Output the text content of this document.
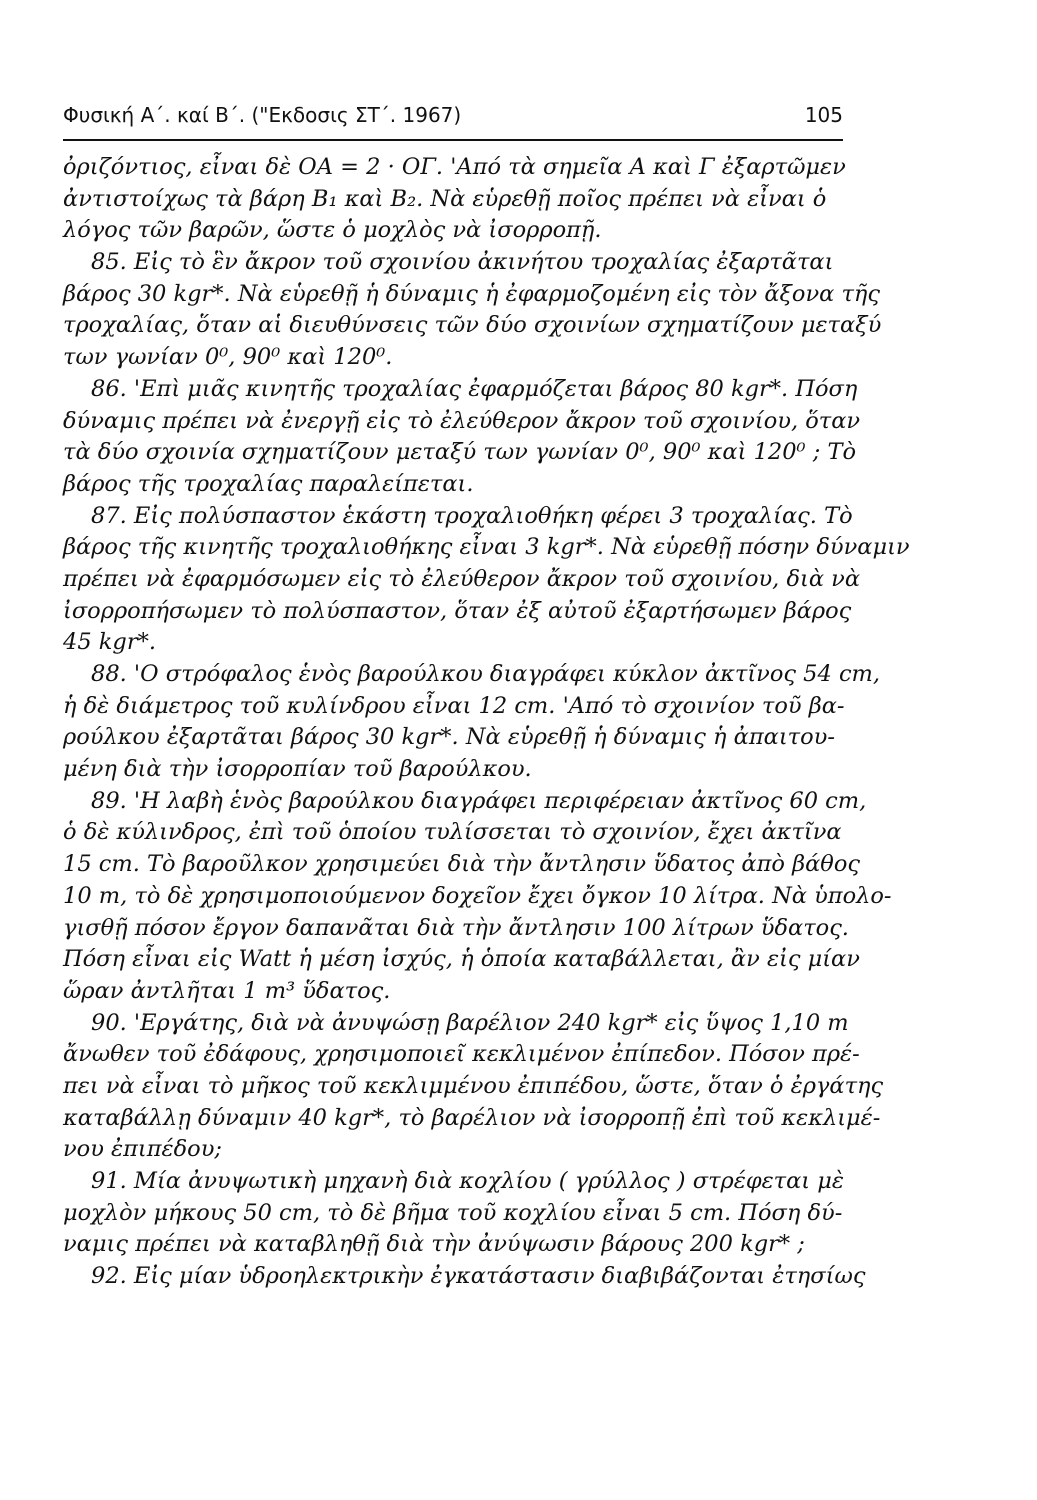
Φυσική Α΄. καί Β΄. ("Εκδοσις ΣΤ΄. 1967)	105
ὀριζόντιος, εἶναι δὲ ΟΑ = 2 · ΟΓ. 'Από τὰ σημεῖα Α καὶ Γ ἐξαρτῶμεν
ἀντιστοίχως τὰ βάρη Β₁ καὶ Β₂. Νὰ εὑρεθῇ ποῖος πρέπει νὰ εἶναι ὁ
λόγος τῶν βαρῶν, ὥστε ὁ μοχλὸς νὰ ἰσορροπῇ.
85. Εἰς τὸ ἓν ἄκρον τοῦ σχοινίου ἀκινήτου τροχαλίας ἐξαρτᾶται
βάρος 30 kgr*. Νὰ εὑρεθῇ ἡ δύναμις ἡ ἐφαρμοζομένη εἰς τὸν ἄξονα τῆς
τροχαλίας, ὅταν αἱ διευθύνσεις τῶν δύο σχοινίων σχηματίζουν μεταξύ
των γωνίαν 0⁰, 90⁰ καὶ 120⁰.
86. 'Επὶ μιᾶς κινητῆς τροχαλίας ἐφαρμόζεται βάρος 80 kgr*. Πόση
δύναμις πρέπει νὰ ἐνεργῇ εἰς τὸ ἐλεύθερον ἄκρον τοῦ σχοινίου, ὅταν
τὰ δύο σχοινία σχηματίζουν μεταξύ των γωνίαν 0⁰, 90⁰ καὶ 120⁰ ; Τὸ
βάρος τῆς τροχαλίας παραλείπεται.
87. Εἰς πολύσπαστον ἑκάστη τροχαλιοθήκη φέρει 3 τροχαλίας. Τὸ
βάρος τῆς κινητῆς τροχαλιοθήκης εἶναι 3 kgr*. Νὰ εὑρεθῇ πόσην δύναμιν
πρέπει νὰ ἐφαρμόσωμεν εἰς τὸ ἐλεύθερον ἄκρον τοῦ σχοινίου, διὰ νὰ
ἰσορροπήσωμεν τὸ πολύσπαστον, ὅταν ἐξ αὐτοῦ ἐξαρτήσωμεν βάρος
45 kgr*.
88. 'Ο στρόφαλος ἑνὸς βαρούλκου διαγράφει κύκλον ἀκτῖνος 54 cm,
ἡ δὲ διάμετρος τοῦ κυλίνδρου εἶναι 12 cm. 'Από τὸ σχοινίον τοῦ βα-
ρούλκου ἐξαρτᾶται βάρος 30 kgr*. Νὰ εὑρεθῇ ἡ δύναμις ἡ ἀπαιτου-
μένη διὰ τὴν ἰσορροπίαν τοῦ βαρούλκου.
89. 'Η λαβὴ ἑνὸς βαρούλκου διαγράφει περιφέρειαν ἀκτῖνος 60 cm,
ὁ δὲ κύλινδρος, ἐπὶ τοῦ ὁποίου τυλίσσεται τὸ σχοινίον, ἔχει ἀκτῖνα
15 cm. Τὸ βαροῦλκον χρησιμεύει διὰ τὴν ἄντλησιν ὕδατος ἀπὸ βάθος
10 m, τὸ δὲ χρησιμοποιούμενον δοχεῖον ἔχει ὄγκον 10 λίτρα. Νὰ ὑπολο-
γισθῇ πόσον ἔργον δαπανᾶται διὰ τὴν ἄντλησιν 100 λίτρων ὕδατος.
Πόση εἶναι εἰς Watt ἡ μέση ἰσχύς, ἡ ὁποία καταβάλλεται, ἂν εἰς μίαν
ὥραν ἀντλῆται 1 m³ ὕδατος.
90. 'Εργάτης, διὰ νὰ ἀνυψώσῃ βαρέλιον 240 kgr* εἰς ὕψος 1,10 m
ἄνωθεν τοῦ ἐδάφους, χρησιμοποιεῖ κεκλιμένον ἐπίπεδον. Πόσον πρέ-
πει νὰ εἶναι τὸ μῆκος τοῦ κεκλιμμένου ἐπιπέδου, ὥστε, ὅταν ὁ ἐργάτης
καταβάλλῃ δύναμιν 40 kgr*, τὸ βαρέλιον νὰ ἰσορροπῇ ἐπὶ τοῦ κεκλιμέ-
νου ἐπιπέδου;
91. Μία ἀνυψωτικὴ μηχανὴ διὰ κοχλίου ( γρύλλος ) στρέφεται μὲ
μοχλὸν μήκους 50 cm, τὸ δὲ βῆμα τοῦ κοχλίου εἶναι 5 cm. Πόση δύ-
ναμις πρέπει νὰ καταβληθῇ διὰ τὴν ἀνύψωσιν βάρους 200 kgr* ;
92. Εἰς μίαν ὑδροηλεκτρικὴν ἐγκατάστασιν διαβιβάζονται ἐτησίως
